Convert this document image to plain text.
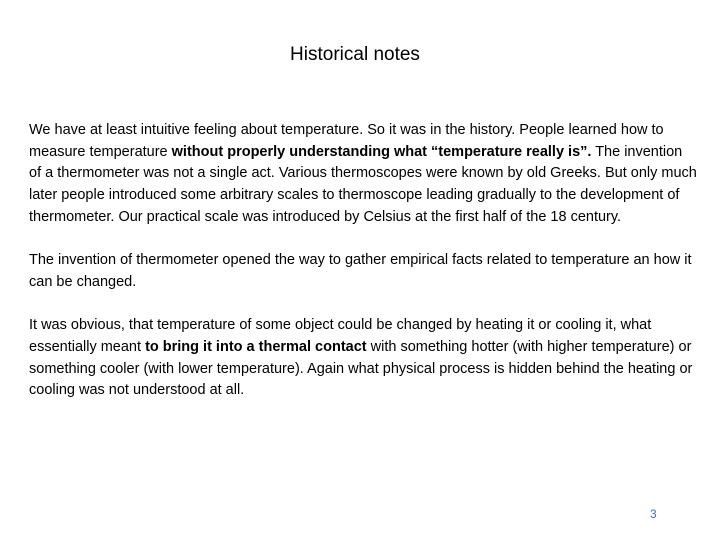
Historical notes

We have at least intuitive feeling about temperature. So it was in the history. People learned how to measure temperature without properly understanding what “temperature really is”. The invention of a thermometer was not a single act. Various thermoscopes were known by old Greeks. But only much later people introduced some arbitrary scales to thermoscope leading gradually to the development of thermometer. Our practical scale was introduced by Celsius at the first half of the 18 century.

The invention of thermometer opened the way to gather empirical facts related to temperature an how it can be changed.

It was obvious, that temperature of some object could be changed by heating it or cooling it, what essentially meant to bring it into a thermal contact with something hotter (with higher temperature) or something cooler (with lower temperature). Again what physical process is hidden behind the heating or cooling was not understood at all.

3
